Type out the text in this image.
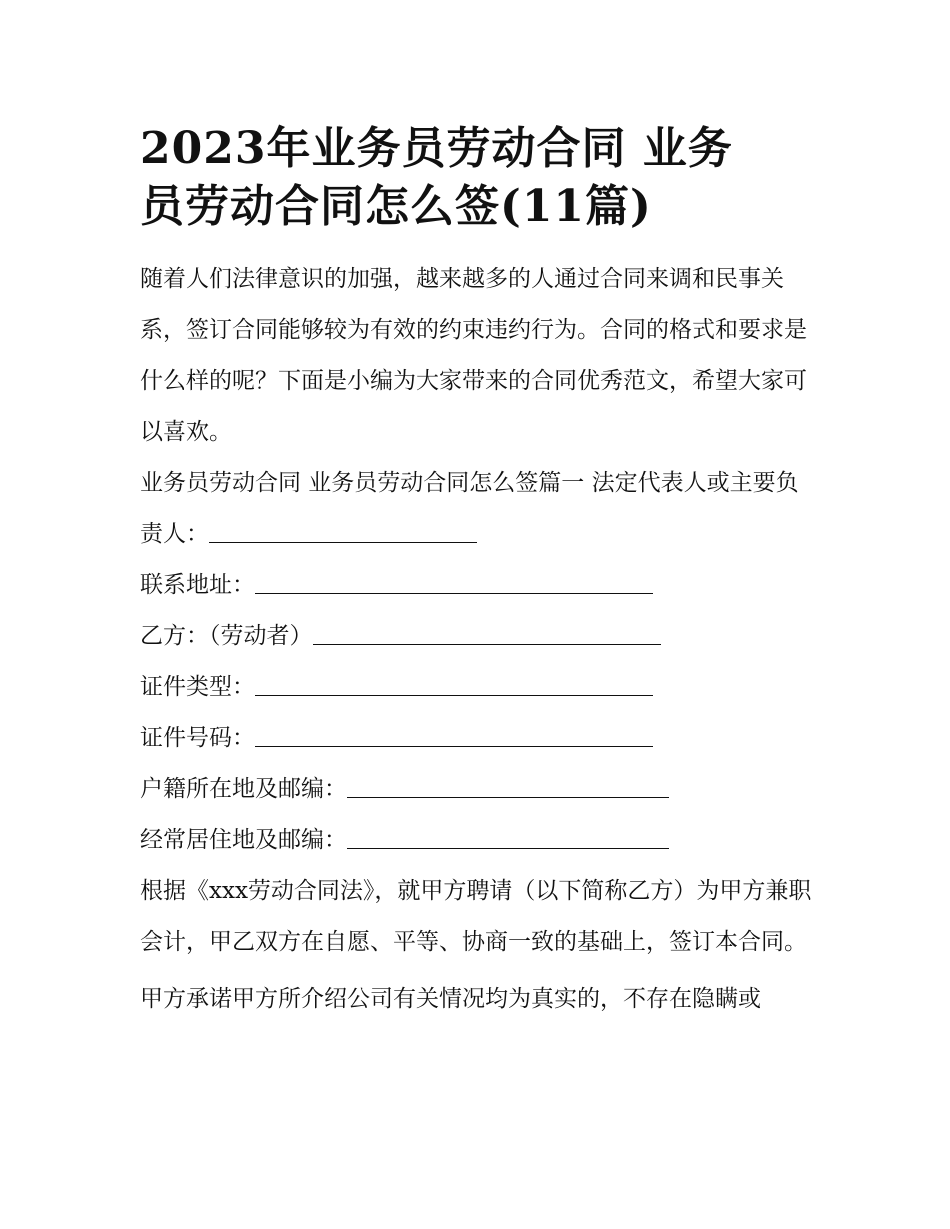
2023年业务员劳动合同 业务
员劳动合同怎么签(11篇)

随着人们法律意识的加强，越来越多的人通过合同来调和民事关系，签订合同能够较为有效的约束违约行为。合同的格式和要求是什么样的呢？下面是小编为大家带来的合同优秀范文，希望大家可以喜欢。

业务员劳动合同 业务员劳动合同怎么签篇一 法定代表人或主要负责人：

联系地址：

乙方：（劳动者）

证件类型：

证件号码：

户籍所在地及邮编：

经常居住地及邮编：

根据《xxx劳动合同法》，就甲方聘请（以下简称乙方）为甲方兼职会计，甲乙双方在自愿、平等、协商一致的基础上，签订本合同。

甲方承诺甲方所介绍公司有关情况均为真实的，不存在隐瞒或
